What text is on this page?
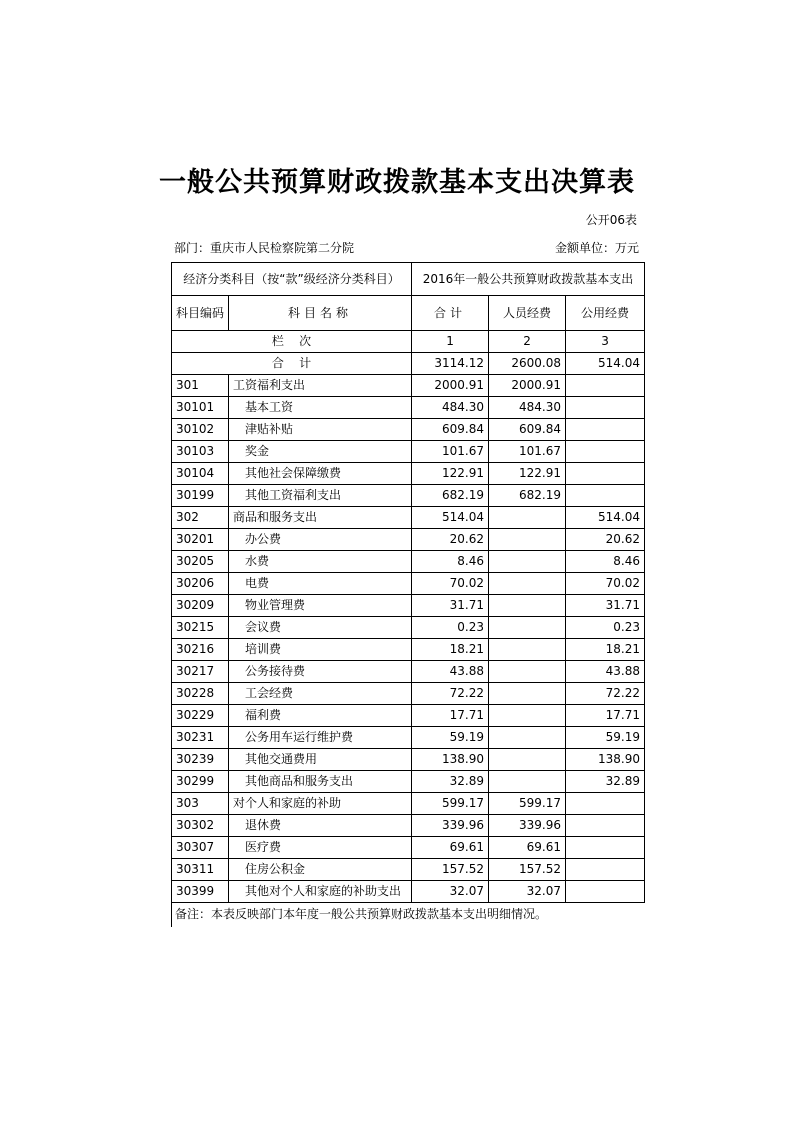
一般公共预算财政拨款基本支出决算表
公开06表
部门：重庆市人民检察院第二分院	金额单位：万元
经济分类科目（按“款”级经济分类科目）		2016年一般公共预算财政拨款基本支出		
科目编码	科目名称	合计	人员经费	公用经费
栏    次		1	2	3
合    计		3114.12	2600.08	514.04
301	工资福利支出	2000.91	2000.91	
30101	基本工资	484.30	484.30	
30102	津贴补贴	609.84	609.84	
30103	奖金	101.67	101.67	
30104	其他社会保障缴费	122.91	122.91	
30199	其他工资福利支出	682.19	682.19	
302	商品和服务支出	514.04		514.04
30201	办公费	20.62		20.62
30205	水费	8.46		8.46
30206	电费	70.02		70.02
30209	物业管理费	31.71		31.71
30215	会议费	0.23		0.23
30216	培训费	18.21		18.21
30217	公务接待费	43.88		43.88
30228	工会经费	72.22		72.22
30229	福利费	17.71		17.71
30231	公务用车运行维护费	59.19		59.19
30239	其他交通费用	138.90		138.90
30299	其他商品和服务支出	32.89		32.89
303	对个人和家庭的补助	599.17	599.17	
30302	退休费	339.96	339.96	
30307	医疗费	69.61	69.61	
30311	住房公积金	157.52	157.52	
30399	其他对个人和家庭的补助支出	32.07	32.07	
备注：本表反映部门本年度一般公共预算财政拨款基本支出明细情况。
